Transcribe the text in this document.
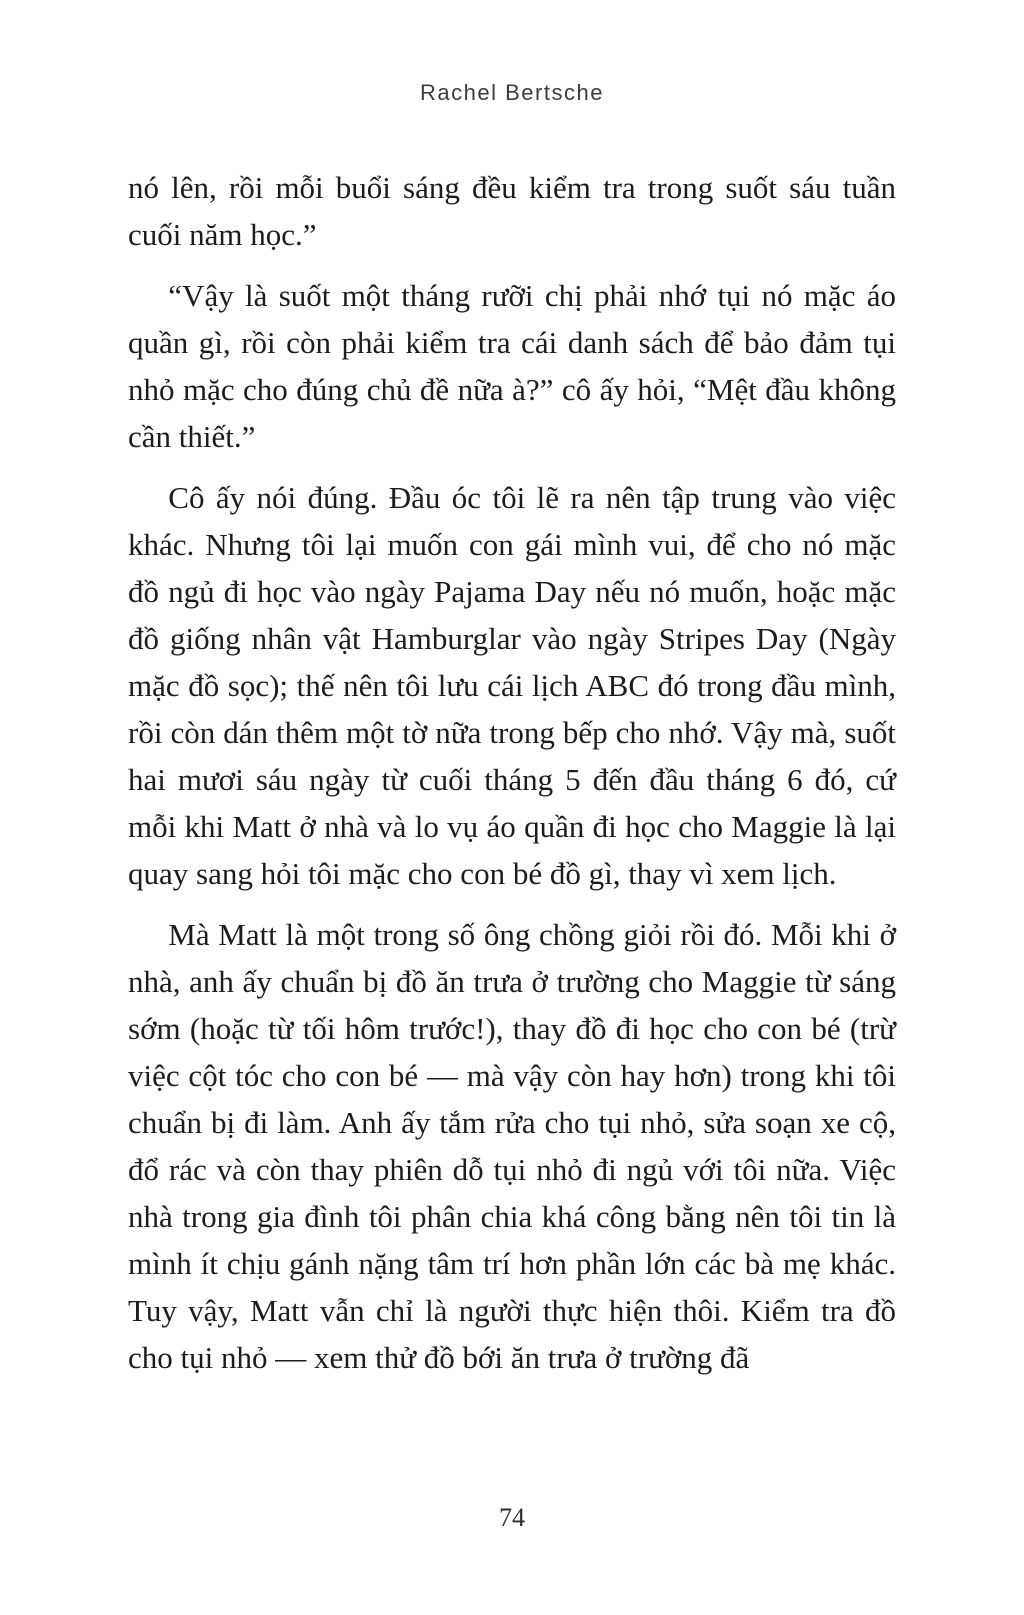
Rachel Bertsche

nó lên, rồi mỗi buổi sáng đều kiểm tra trong suốt sáu tuần cuối năm học.”

“Vậy là suốt một tháng rưỡi chị phải nhớ tụi nó mặc áo quần gì, rồi còn phải kiểm tra cái danh sách để bảo đảm tụi nhỏ mặc cho đúng chủ đề nữa à?” cô ấy hỏi, “Mệt đầu không cần thiết.”

Cô ấy nói đúng. Đầu óc tôi lẽ ra nên tập trung vào việc khác. Nhưng tôi lại muốn con gái mình vui, để cho nó mặc đồ ngủ đi học vào ngày Pajama Day nếu nó muốn, hoặc mặc đồ giống nhân vật Hamburglar vào ngày Stripes Day (Ngày mặc đồ sọc); thế nên tôi lưu cái lịch ABC đó trong đầu mình, rồi còn dán thêm một tờ nữa trong bếp cho nhớ. Vậy mà, suốt hai mươi sáu ngày từ cuối tháng 5 đến đầu tháng 6 đó, cứ mỗi khi Matt ở nhà và lo vụ áo quần đi học cho Maggie là lại quay sang hỏi tôi mặc cho con bé đồ gì, thay vì xem lịch.

Mà Matt là một trong số ông chồng giỏi rồi đó. Mỗi khi ở nhà, anh ấy chuẩn bị đồ ăn trưa ở trường cho Maggie từ sáng sớm (hoặc từ tối hôm trước!), thay đồ đi học cho con bé (trừ việc cột tóc cho con bé — mà vậy còn hay hơn) trong khi tôi chuẩn bị đi làm. Anh ấy tắm rửa cho tụi nhỏ, sửa soạn xe cộ, đổ rác và còn thay phiên dỗ tụi nhỏ đi ngủ với tôi nữa. Việc nhà trong gia đình tôi phân chia khá công bằng nên tôi tin là mình ít chịu gánh nặng tâm trí hơn phần lớn các bà mẹ khác. Tuy vậy, Matt vẫn chỉ là người thực hiện thôi. Kiểm tra đồ cho tụi nhỏ — xem thử đồ bới ăn trưa ở trường đã

74
